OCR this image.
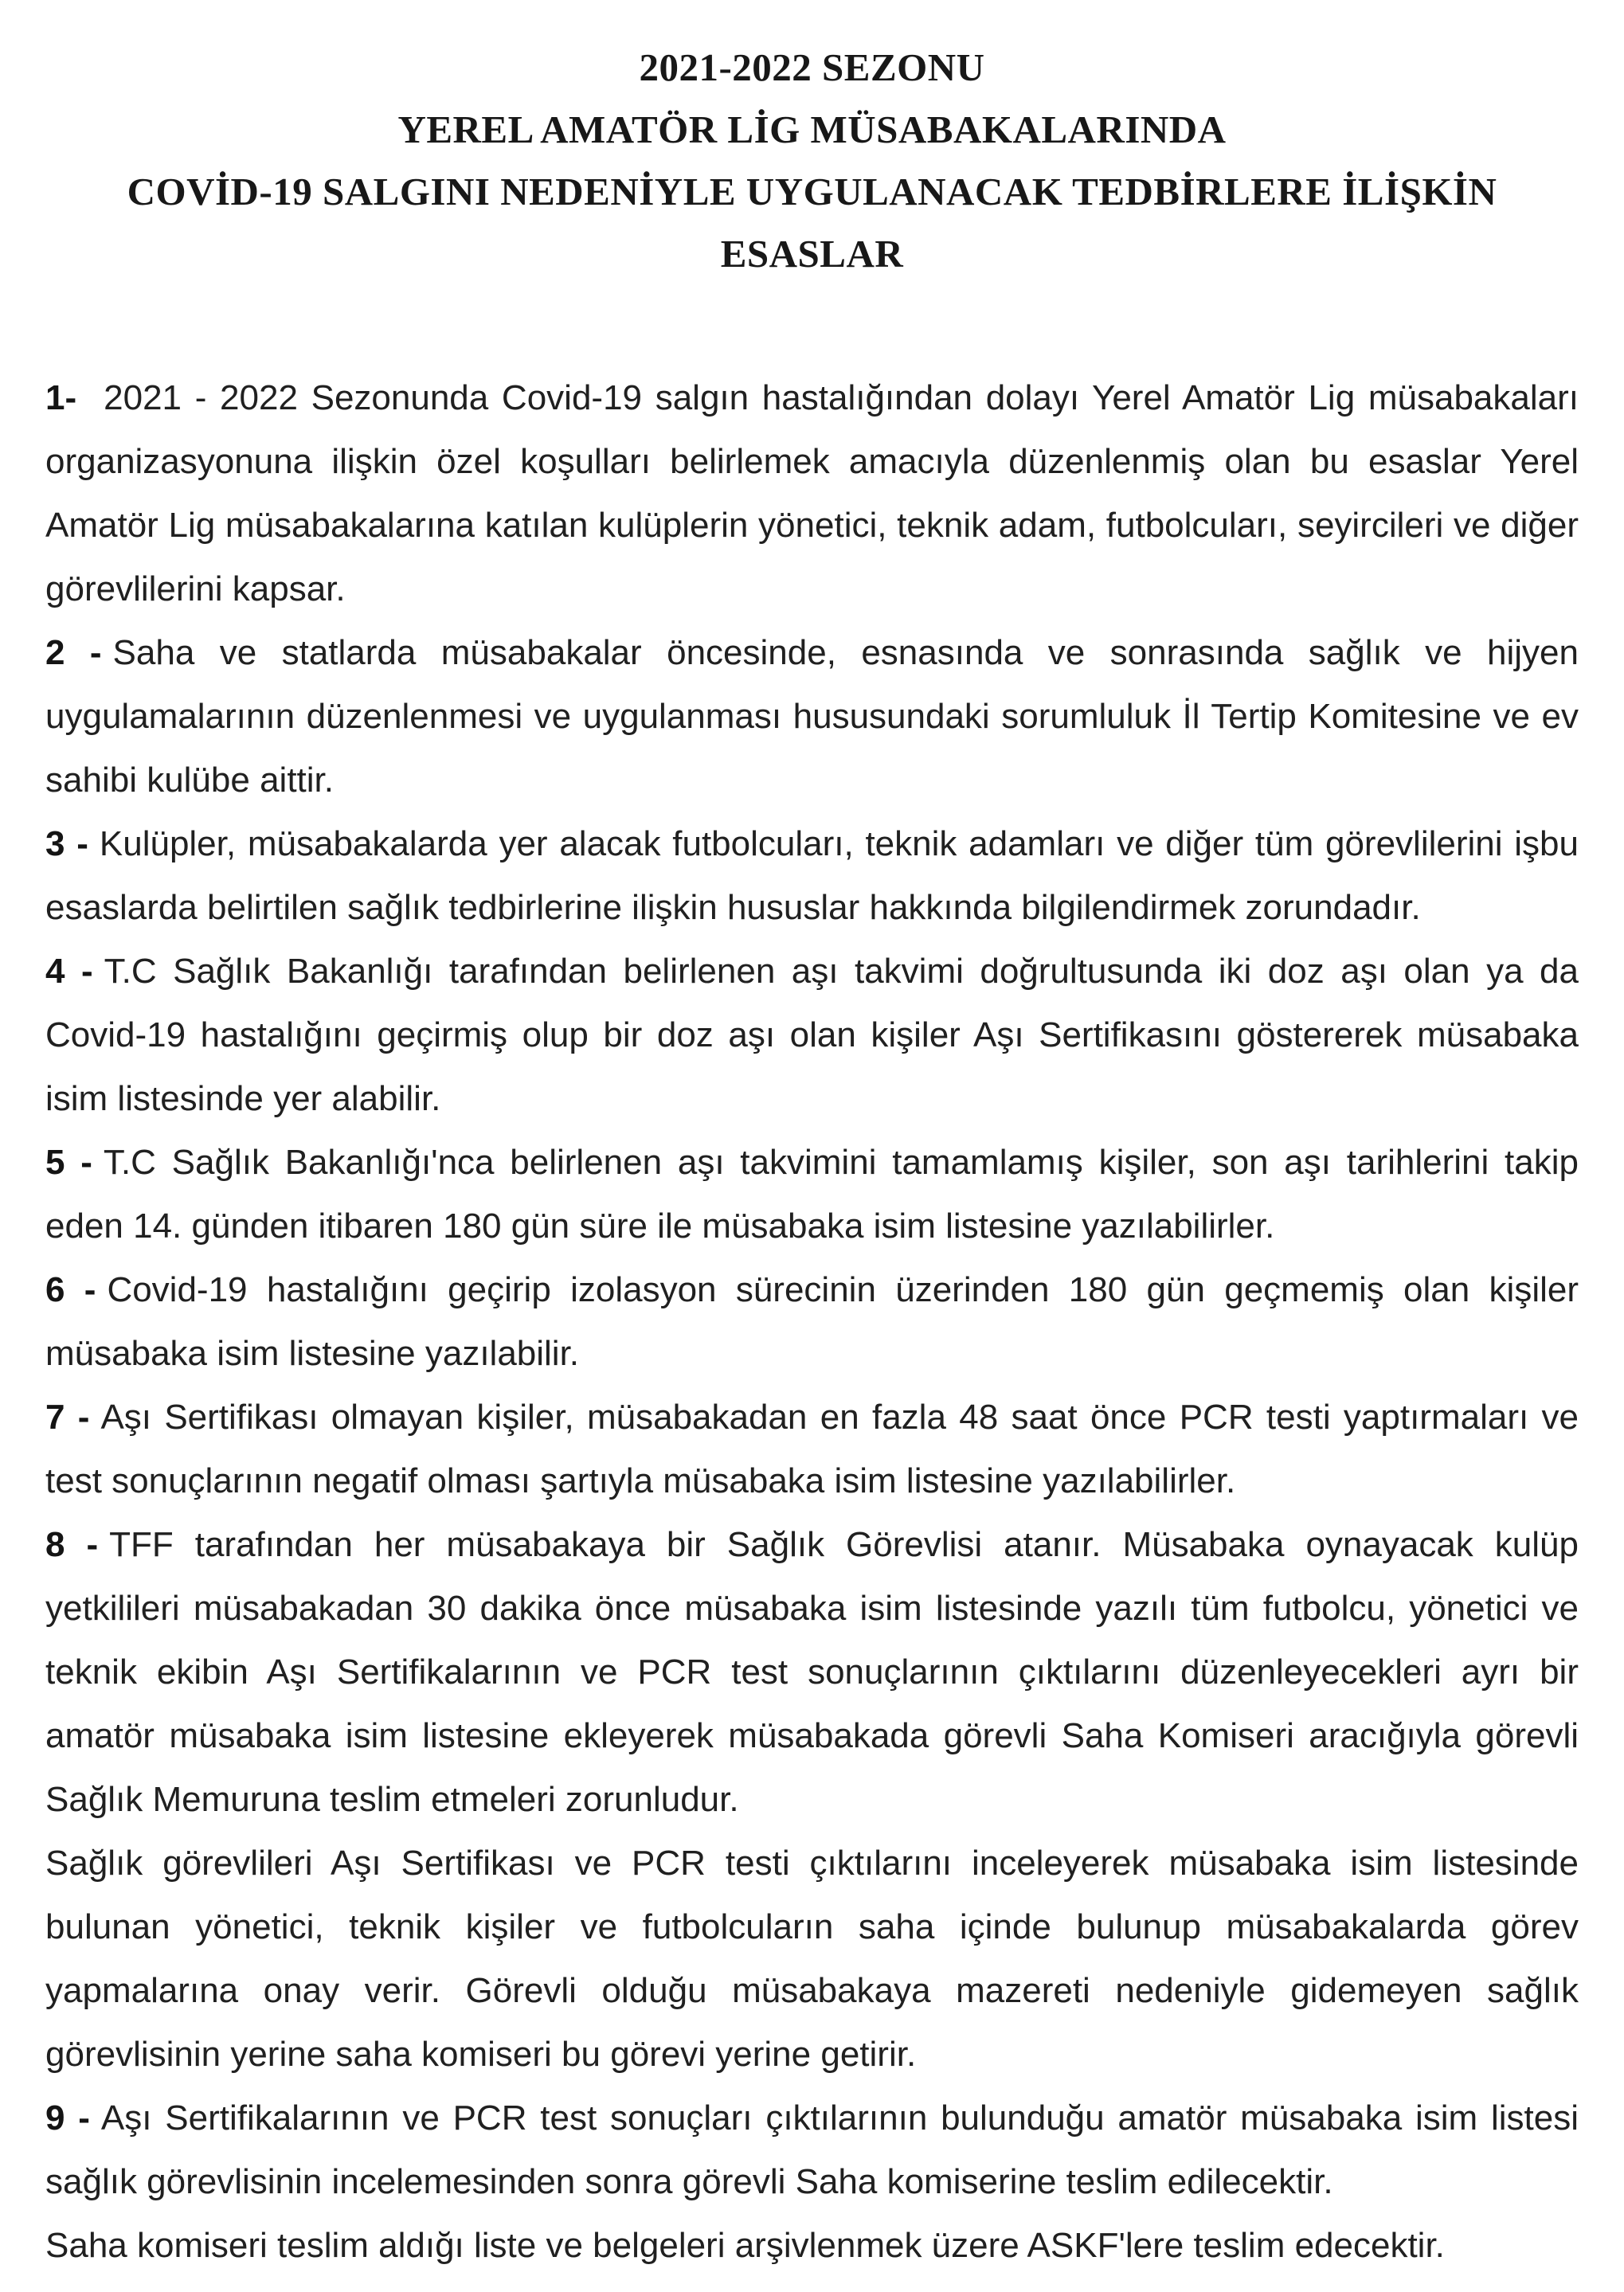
2021-2022 SEZONU
YEREL AMATÖR LİG MÜSABAKALARINDA
COVİD-19 SALGINI NEDENİYLE UYGULANACAK TEDBİRLERE İLİŞKİN
ESASLAR

1- 2021 - 2022 Sezonunda Covid-19 salgın hastalığından dolayı Yerel Amatör Lig müsabakaları organizasyonuna ilişkin özel koşulları belirlemek amacıyla düzenlenmiş olan bu esaslar Yerel Amatör Lig müsabakalarına katılan kulüplerin yönetici, teknik adam, futbolcuları, seyircileri ve diğer görevlilerini kapsar.

2 - Saha ve statlarda müsabakalar öncesinde, esnasında ve sonrasında sağlık ve hijyen uygulamalarının düzenlenmesi ve uygulanması hususundaki sorumluluk İl Tertip Komitesine ve ev sahibi kulübe aittir.

3 - Kulüpler, müsabakalarda yer alacak futbolcuları, teknik adamları ve diğer tüm görevlilerini işbu esaslarda belirtilen sağlık tedbirlerine ilişkin hususlar hakkında bilgilendirmek zorundadır.

4 - T.C Sağlık Bakanlığı tarafından belirlenen aşı takvimi doğrultusunda iki doz aşı olan ya da Covid-19 hastalığını geçirmiş olup bir doz aşı olan kişiler Aşı Sertifikasını göstererek müsabaka isim listesinde yer alabilir.

5 - T.C Sağlık Bakanlığı'nca belirlenen aşı takvimini tamamlamış kişiler, son aşı tarihlerini takip eden 14. günden itibaren 180 gün süre ile müsabaka isim listesine yazılabilirler.

6 - Covid-19 hastalığını geçirip izolasyon sürecinin üzerinden 180 gün geçmemiş olan kişiler müsabaka isim listesine yazılabilir.

7 - Aşı Sertifikası olmayan kişiler, müsabakadan en fazla 48 saat önce PCR testi yaptırmaları ve test sonuçlarının negatif olması şartıyla müsabaka isim listesine yazılabilirler.

8 - TFF tarafından her müsabakaya bir Sağlık Görevlisi atanır. Müsabaka oynayacak kulüp yetkilileri müsabakadan 30 dakika önce müsabaka isim listesinde yazılı tüm futbolcu, yönetici ve teknik ekibin Aşı Sertifikalarının ve PCR test sonuçlarının çıktılarını düzenleyecekleri ayrı bir amatör müsabaka isim listesine ekleyerek müsabakada görevli Saha Komiseri aracığıyla görevli Sağlık Memuruna teslim etmeleri zorunludur.

Sağlık görevlileri Aşı Sertifikası ve PCR testi çıktılarını inceleyerek müsabaka isim listesinde bulunan yönetici, teknik kişiler ve futbolcuların saha içinde bulunup müsabakalarda görev yapmalarına onay verir. Görevli olduğu müsabakaya mazereti nedeniyle gidemeyen sağlık görevlisinin yerine saha komiseri bu görevi yerine getirir.

9 - Aşı Sertifikalarının ve PCR test sonuçları çıktılarının bulunduğu amatör müsabaka isim listesi sağlık görevlisinin incelemesinden sonra görevli Saha komiserine teslim edilecektir.

Saha komiseri teslim aldığı liste ve belgeleri arşivlenmek üzere ASKF'lere teslim edecektir.
